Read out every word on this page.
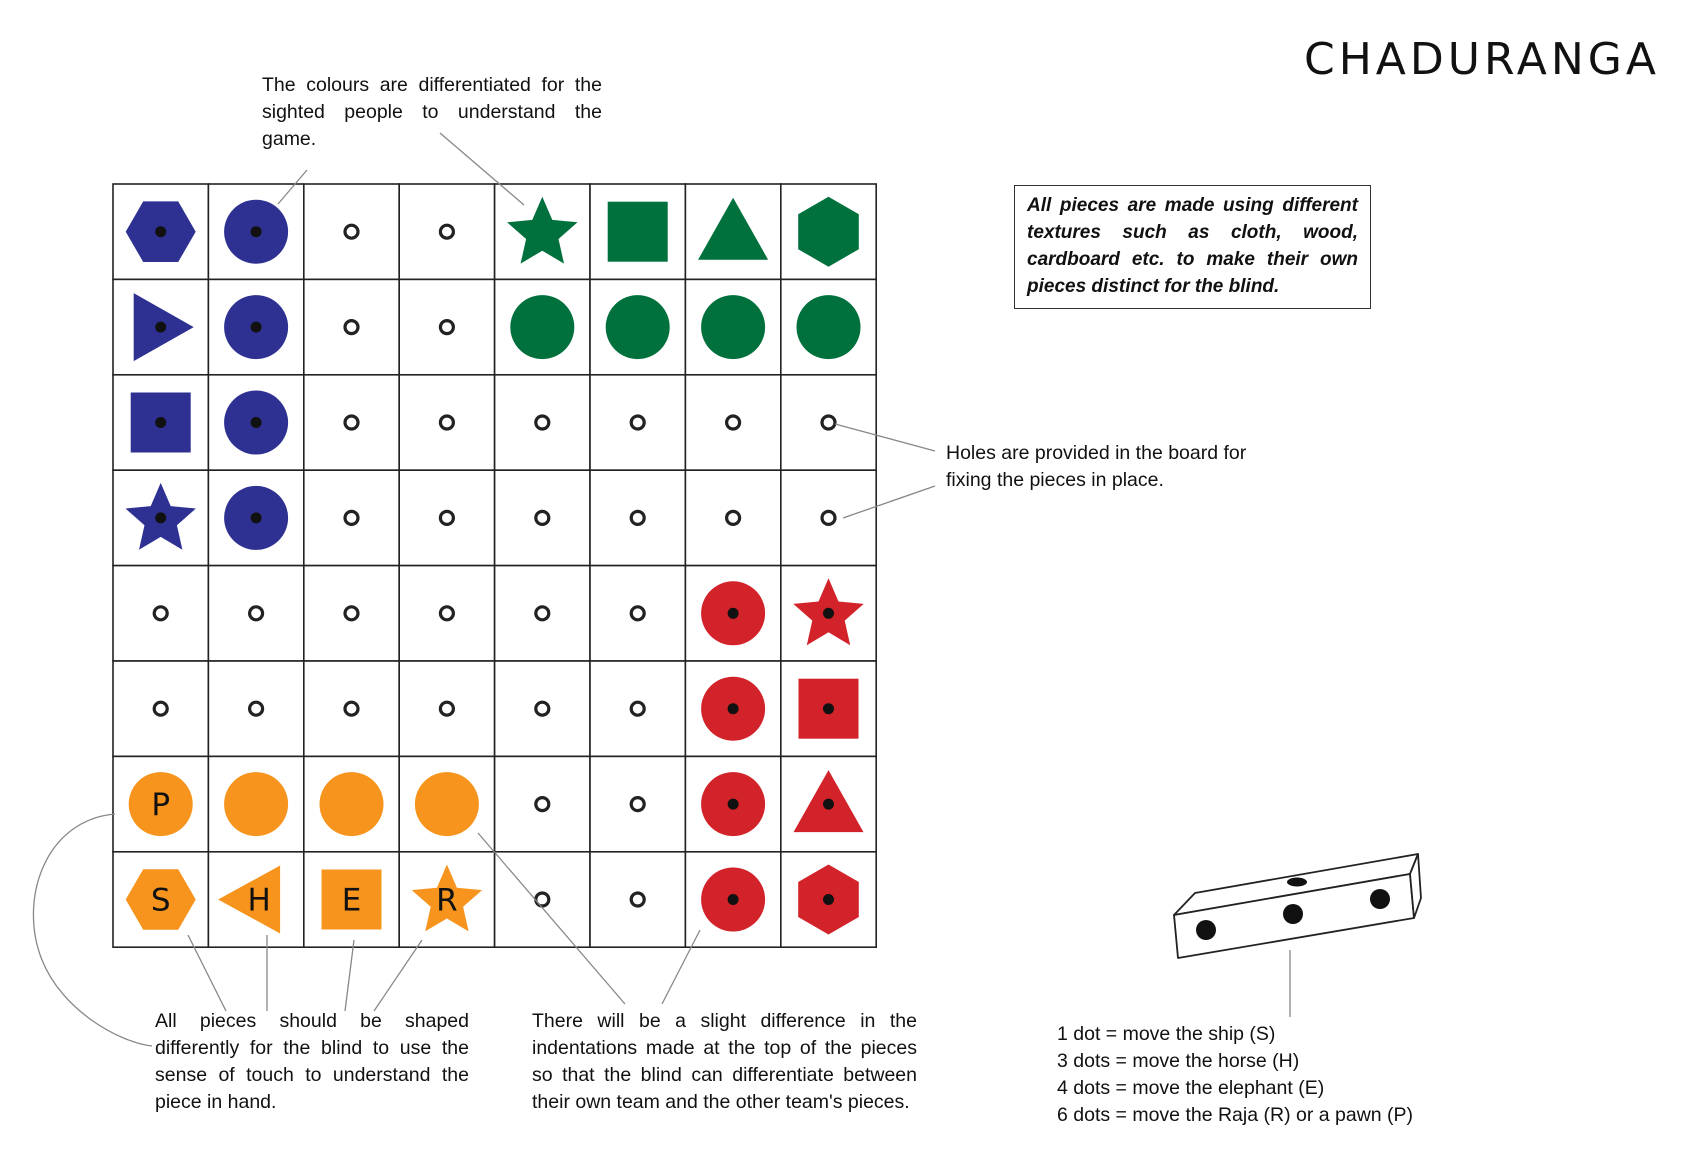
CHADURANGA
P
S H E R

The colours are differentiated for the sighted people to understand the game.

All pieces are made using different textures such as cloth, wood, cardboard etc. to make their own pieces distinct for the blind.

Holes are provided in the board for fixing the pieces in place.

All pieces should be shaped differently for the blind to use the sense of touch to understand the piece in hand.

There will be a slight difference in the indentations made at the top of the pieces so that the blind can differentiate between their own team and the other team's pieces.

1 dot = move the ship (S)
3 dots = move the horse (H)
4 dots = move the elephant (E)
6 dots = move the Raja (R) or a pawn (P)
